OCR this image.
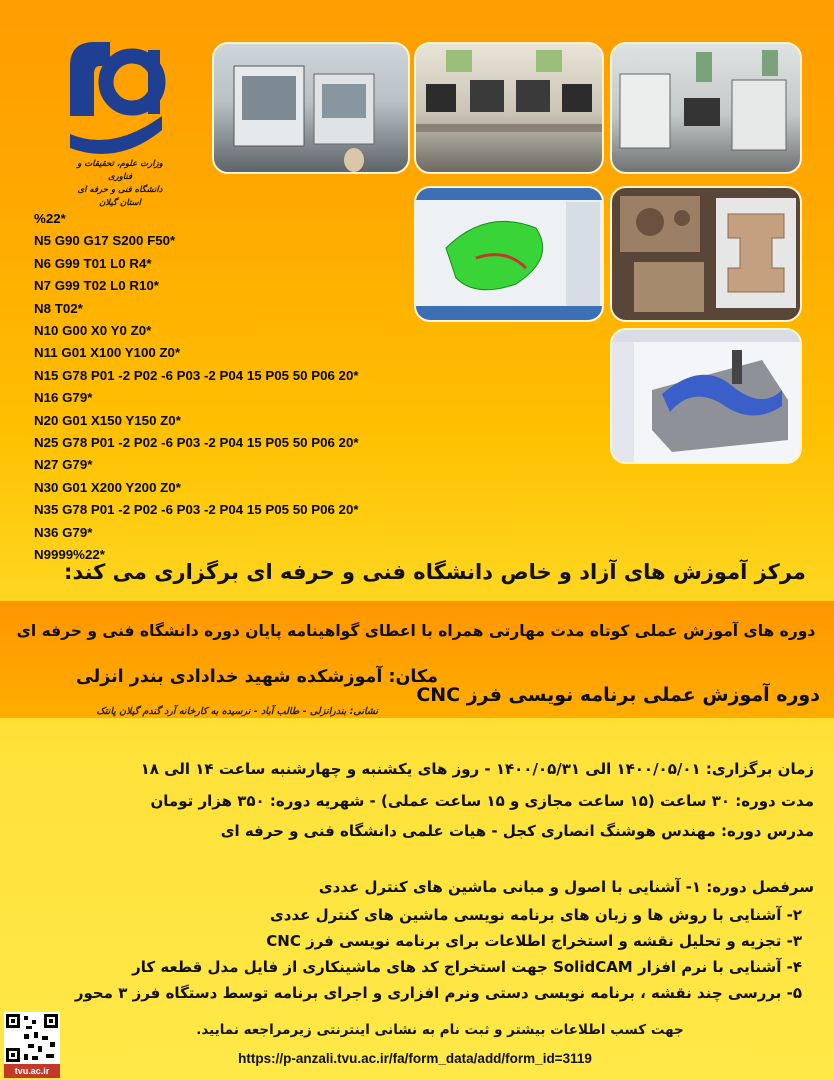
وزارت علوم، تحقیقات و فناوری
دانشگاه فنی و حرفه ای
استان گیلان
%22*
N5 G90 G17 S200 F50*
N6 G99 T01 L0 R4*
N7 G99 T02 L0 R10*
N8 T02*
N10 G00 X0 Y0 Z0*
N11 G01 X100 Y100 Z0*
N15 G78 P01 -2 P02 -6 P03 -2 P04 15 P05 50 P06 20*
N16 G79*
N20 G01 X150 Y150 Z0*
N25 G78 P01 -2 P02 -6 P03 -2 P04 15 P05 50 P06 20*
N27 G79*
N30 G01 X200 Y200 Z0*
N35 G78 P01 -2 P02 -6 P03 -2 P04 15 P05 50 P06 20*
N36 G79*
N9999%22*
مرکز آموزش های آزاد و خاص دانشگاه فنی و حرفه ای برگزاری می کند:
دوره های آموزش عملی کوتاه مدت مهارتی همراه با اعطای گواهینامه پایان دوره دانشگاه فنی و حرفه ای
مکان: آموزشکده شهید خدادادی بندر انزلی
نشانی: بندرانزلی - طالب آباد - نرسیده به کارخانه آرد گندم گیلان پانتک
دوره آموزش عملی برنامه نویسی فرز CNC
زمان برگزاری: ۱۴۰۰/۰۵/۰۱ الی ۱۴۰۰/۰۵/۳۱ - روز های یکشنبه و چهارشنبه ساعت ۱۴ الی ۱۸
مدت دوره: ۳۰ ساعت (۱۵ ساعت مجازی و ۱۵ ساعت عملی) - شهریه دوره: ۳۵۰ هزار تومان
مدرس دوره: مهندس هوشنگ انصاری کجل - هیات علمی دانشگاه فنی و حرفه ای
سرفصل دوره: ۱- آشنایی با اصول و مبانی ماشین های کنترل عددی
۲- آشنایی با روش ها و زبان های برنامه نویسی ماشین های کنترل عددی
۳- تجزیه و تحلیل نقشه و استخراج اطلاعات برای برنامه نویسی فرز CNC
۴- آشنایی با نرم افزار SolidCAM جهت استخراج کد های ماشینکاری از فایل مدل قطعه کار
۵- بررسی چند نقشه ، برنامه نویسی دستی ونرم افزاری و اجرای برنامه توسط دستگاه فرز ۳ محور
جهت کسب اطلاعات بیشتر و ثبت نام به نشانی اینترنتی زیرمراجعه نمایید.
https://p-anzali.tvu.ac.ir/fa/form_data/add/form_id=3119
tvu.ac.ir
